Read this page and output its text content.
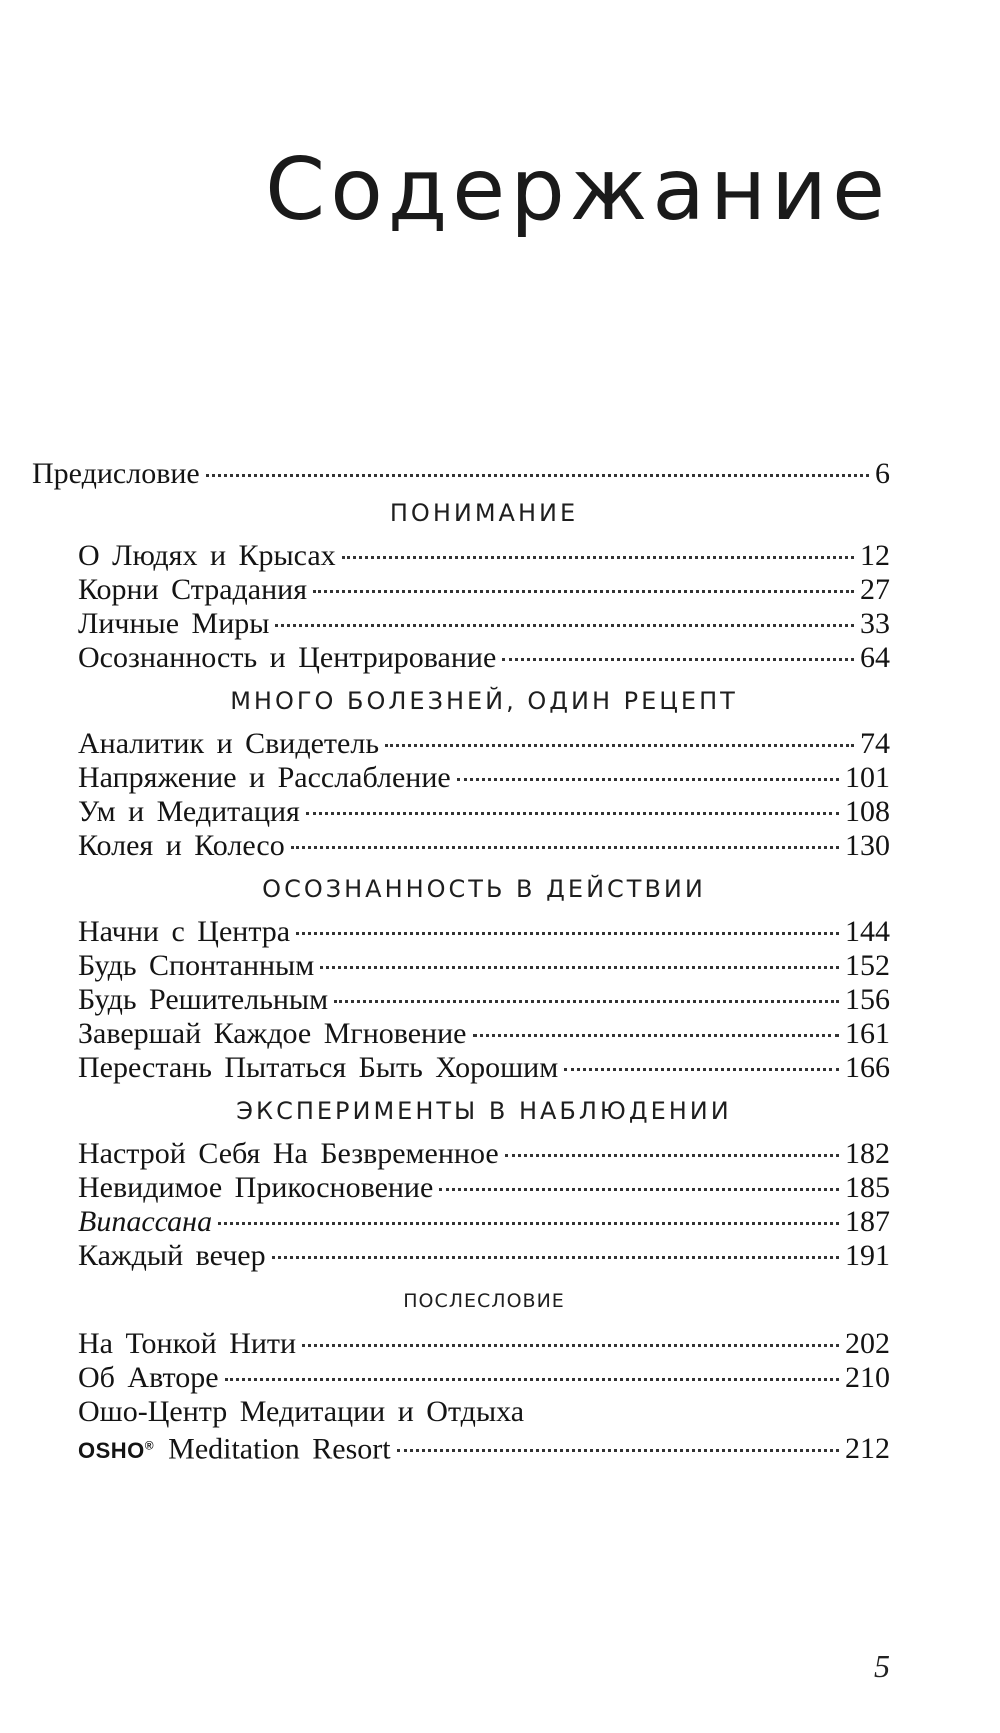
Содержание
Предисловие	6
ПОНИМАНИЕ
О Людях и Крысах	12
Корни Страдания	27
Личные Миры	33
Осознанность и Центрирование	64
МНОГО БОЛЕЗНЕЙ, ОДИН РЕЦЕПТ
Аналитик и Свидетель	74
Напряжение и Расслабление	101
Ум и Медитация	108
Колея и Колесо	130
ОСОЗНАННОСТЬ В ДЕЙСТВИИ
Начни с Центра	144
Будь Спонтанным	152
Будь Решительным	156
Завершай Каждое Мгновение	161
Перестань Пытаться Быть Хорошим	166
ЭКСПЕРИМЕНТЫ В НАБЛЮДЕНИИ
Настрой Себя На Безвременное	182
Невидимое Прикосновение	185
Випассана	187
Каждый вечер	191
ПОСЛЕСЛОВИЕ
На Тонкой Нити	202
Об Авторе	210
Ошо-Центр Медитации и Отдыха
OSHO® Meditation Resort	212
5
